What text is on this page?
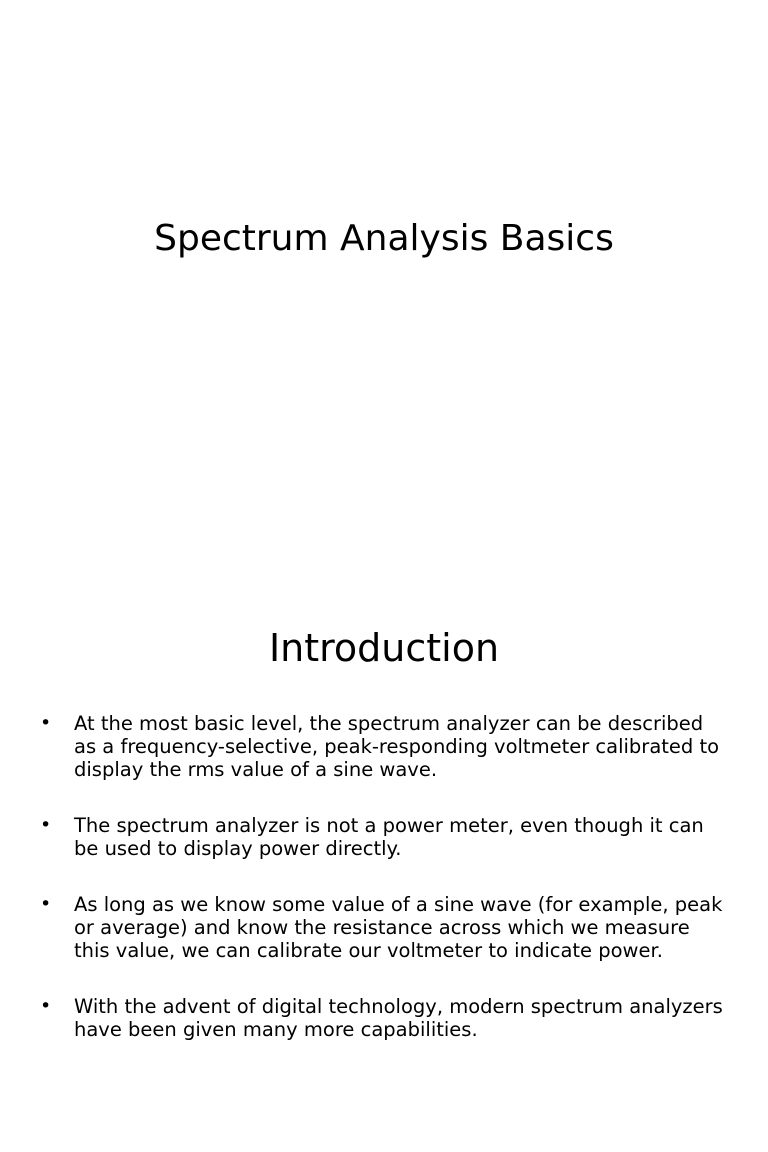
Spectrum Analysis Basics
Introduction
• At the most basic level, the spectrum analyzer can be described as a frequency-selective, peak-responding voltmeter calibrated to display the rms value of a sine wave.
• The spectrum analyzer is not a power meter, even though it can be used to display power directly.
• As long as we know some value of a sine wave (for example, peak or average) and know the resistance across which we measure this value, we can calibrate our voltmeter to indicate power.
• With the advent of digital technology, modern spectrum analyzers have been given many more capabilities.
